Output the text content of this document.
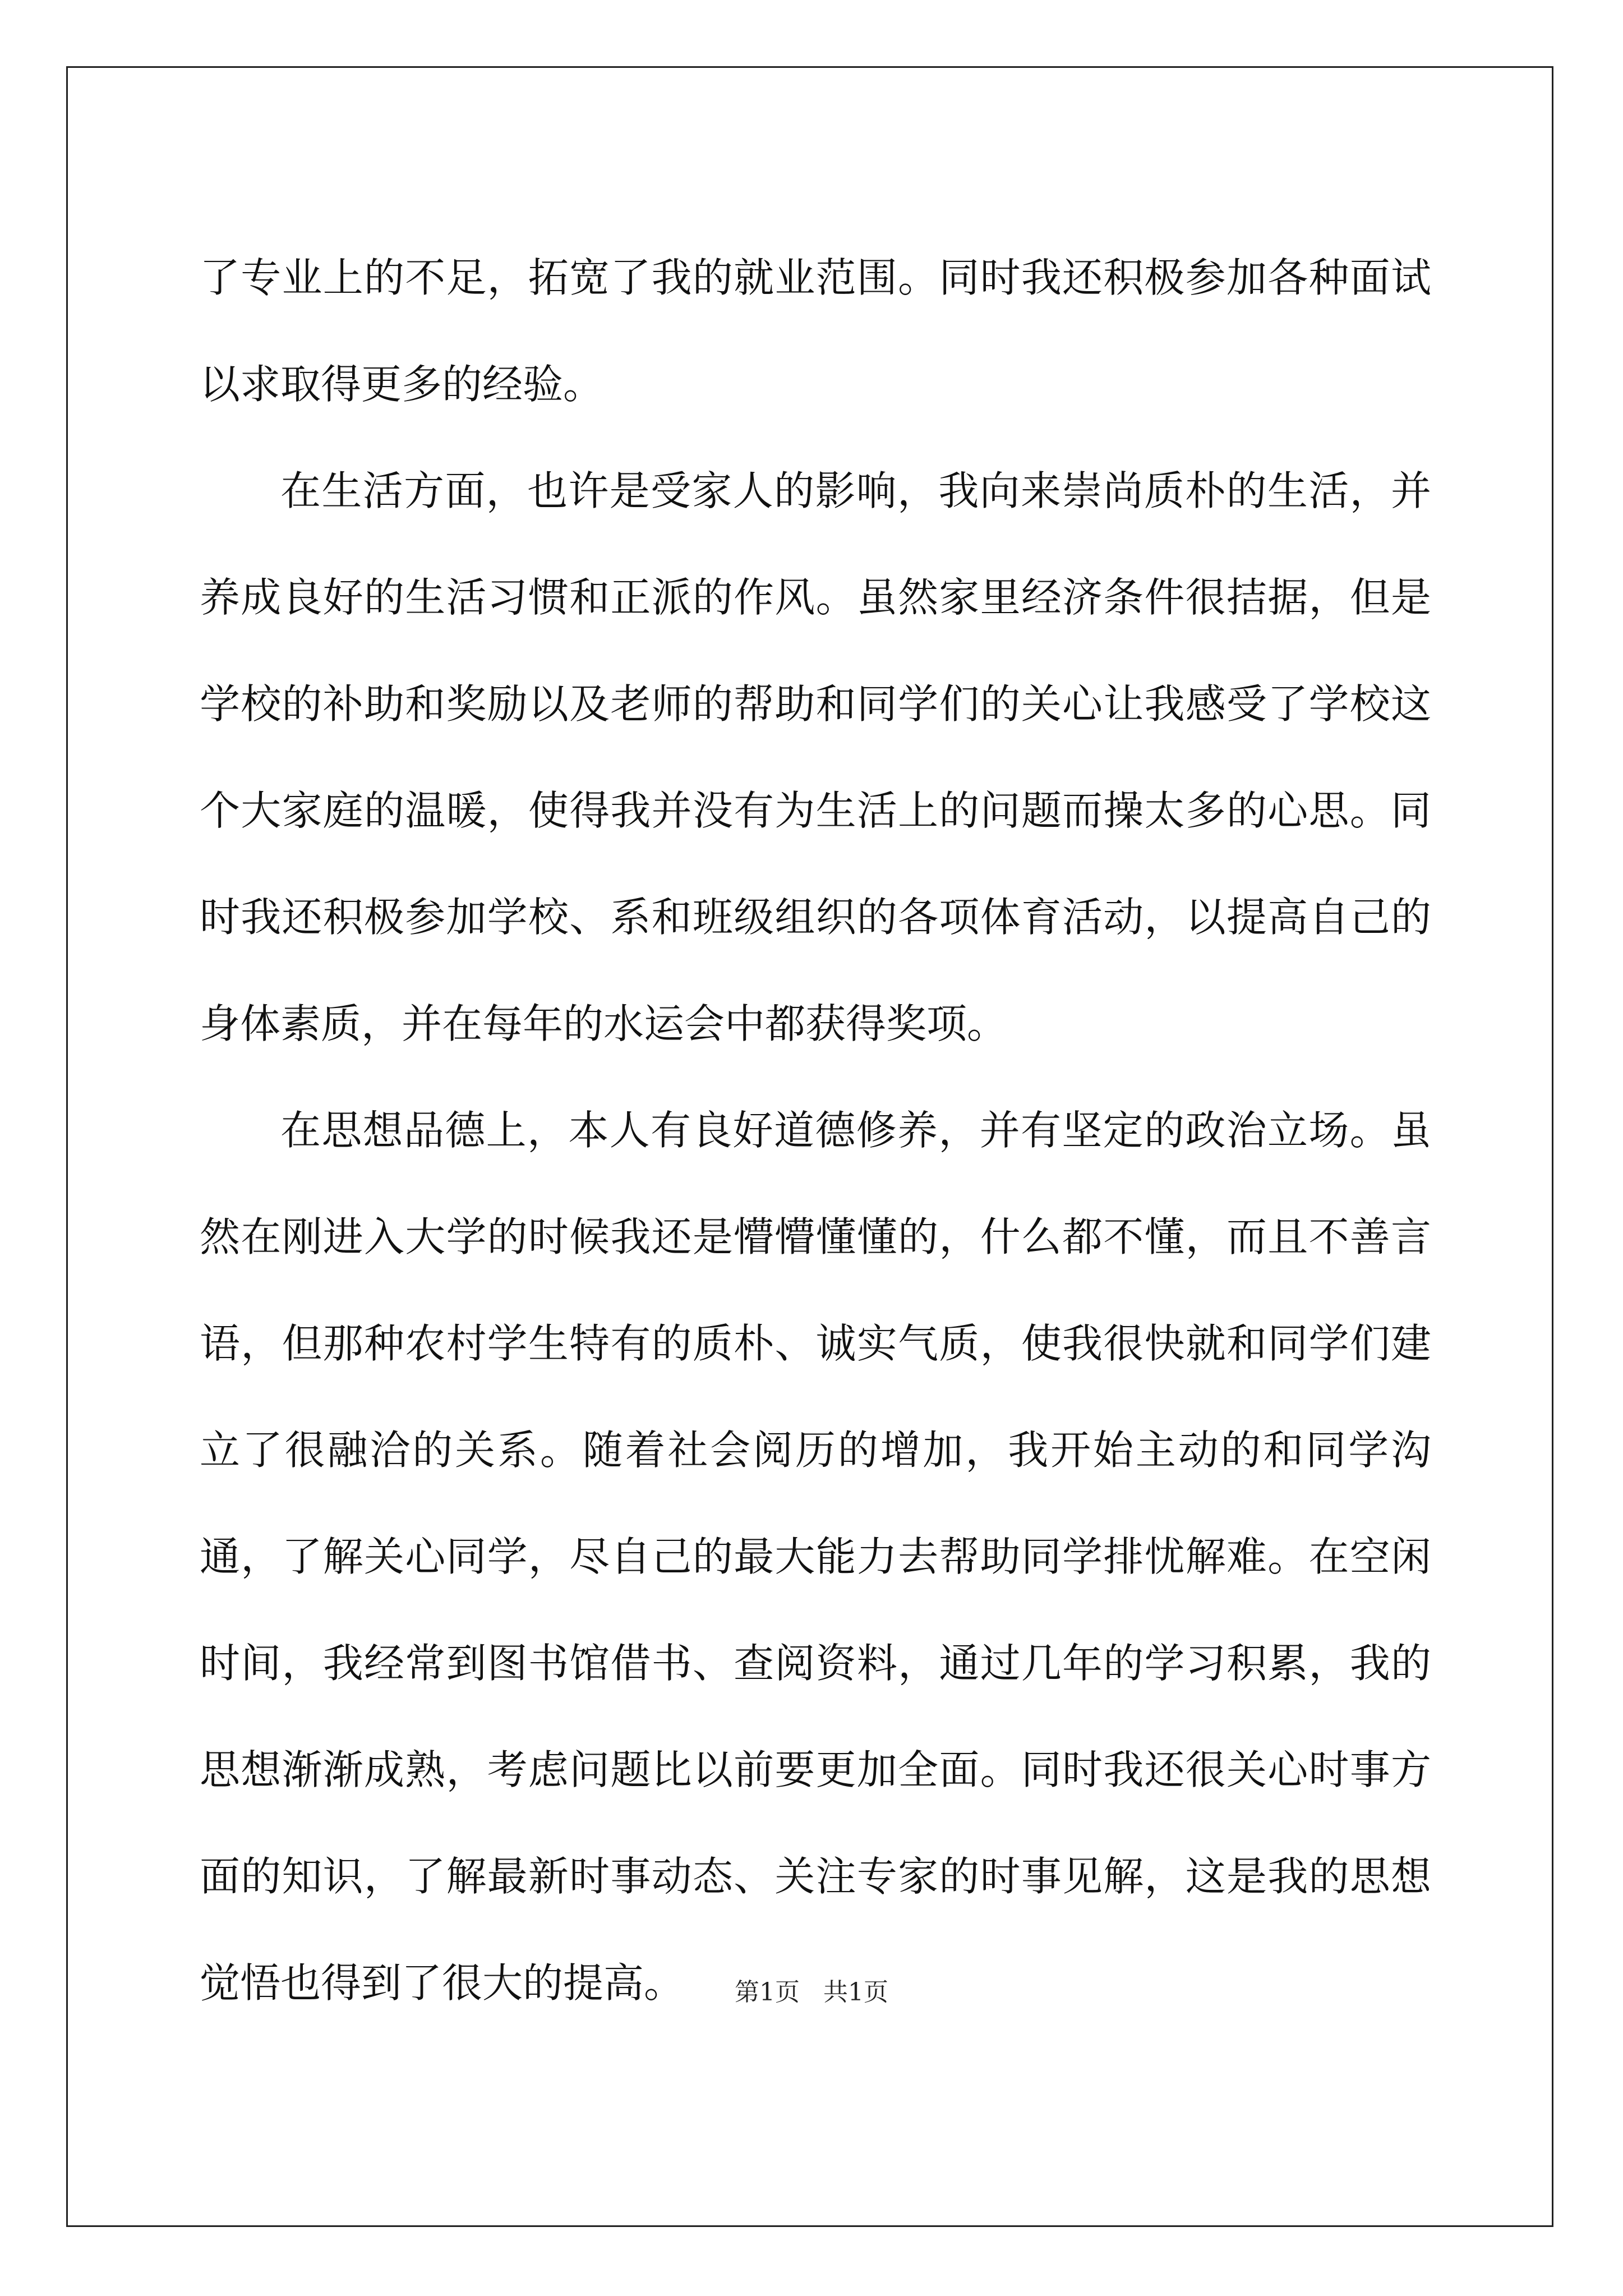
了专业上的不足，拓宽了我的就业范围。同时我还积极参加各种面试以求取得更多的经验。

在生活方面，也许是受家人的影响，我向来崇尚质朴的生活，并养成良好的生活习惯和正派的作风。虽然家里经济条件很拮据，但是学校的补助和奖励以及老师的帮助和同学们的关心让我感受了学校这个大家庭的温暖，使得我并没有为生活上的问题而操太多的心思。同时我还积极参加学校、系和班级组织的各项体育活动，以提高自己的身体素质，并在每年的水运会中都获得奖项。

在思想品德上，本人有良好道德修养，并有坚定的政治立场。虽然在刚进入大学的时候我还是懵懵懂懂的，什么都不懂，而且不善言语，但那种农村学生特有的质朴、诚实气质，使我很快就和同学们建立了很融洽的关系。随着社会阅历的增加，我开始主动的和同学沟通，了解关心同学，尽自己的最大能力去帮助同学排忧解难。在空闲时间，我经常到图书馆借书、查阅资料，通过几年的学习积累，我的思想渐渐成熟，考虑问题比以前要更加全面。同时我还很关心时事方面的知识，了解最新时事动态、关注专家的时事见解，这是我的思想觉悟也得到了很大的提高。	第1页   共1页
